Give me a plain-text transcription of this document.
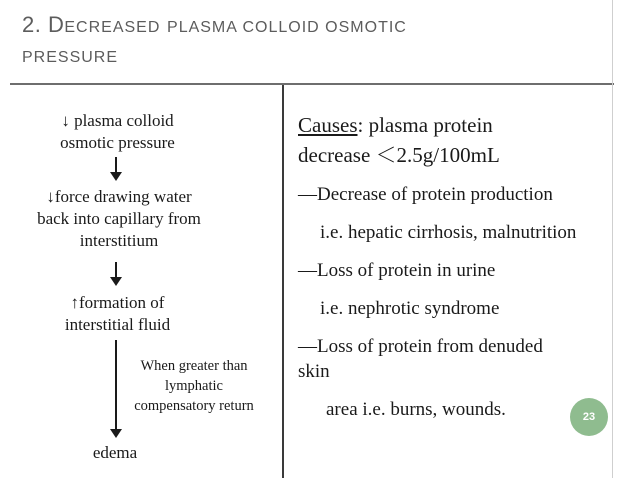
2. DECREASED PLASMA COLLOID OSMOTIC
PRESSURE
↓ plasma colloid
osmotic pressure
↓force drawing water
back into capillary from
interstitium
↑formation of
interstitial fluid
When greater than
lymphatic
compensatory return
edema
Causes: plasma protein
decrease ＜2.5g/100mL
—Decrease of protein production
i.e. hepatic cirrhosis, malnutrition
—Loss of protein in urine
i.e. nephrotic syndrome
—Loss of protein from denuded
skin
area i.e. burns, wounds.	23
